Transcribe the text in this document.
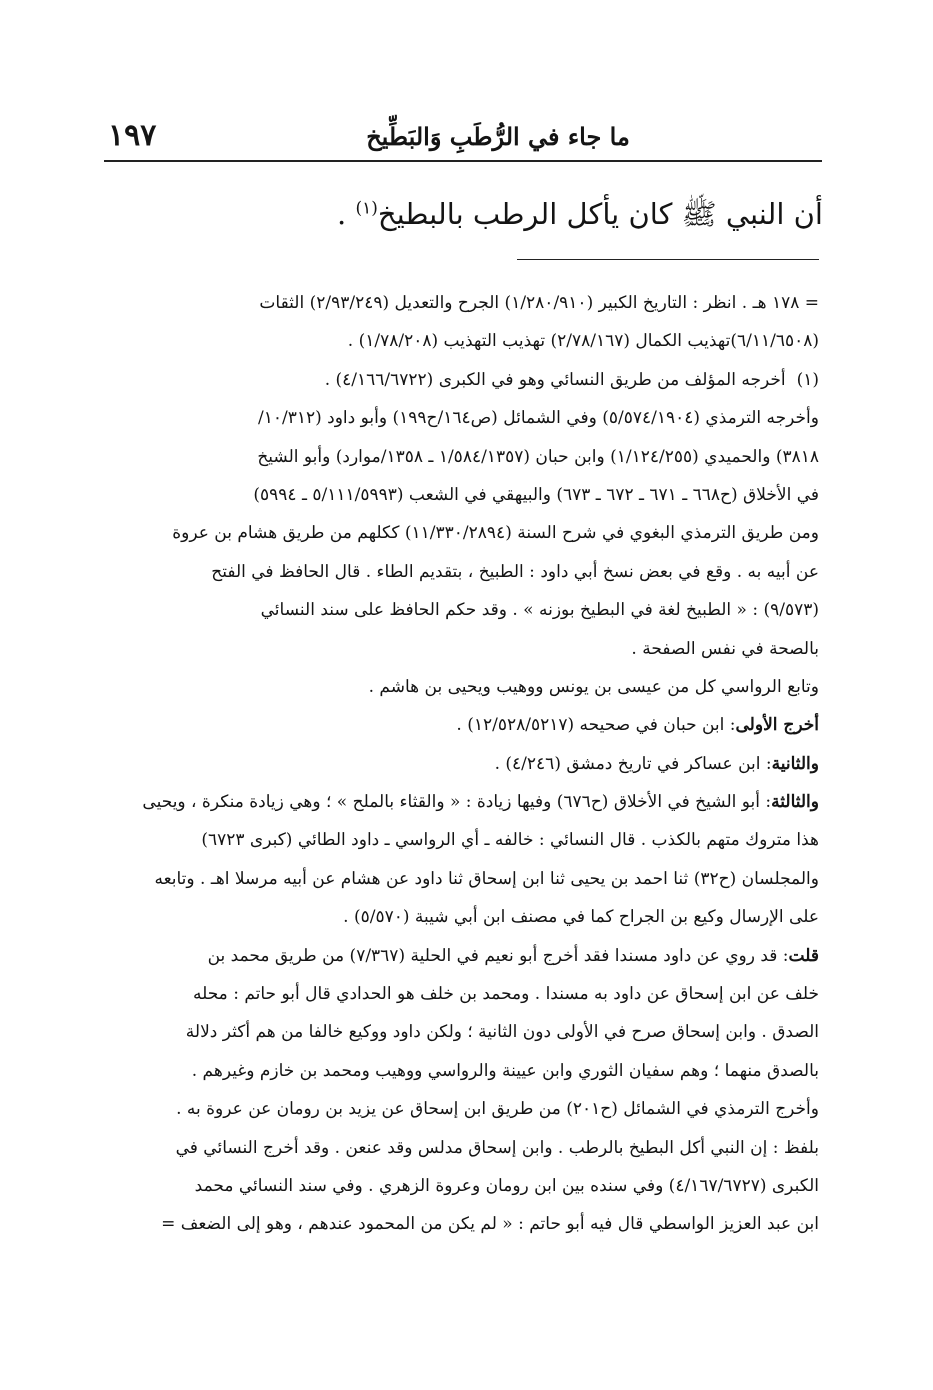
١٩٧	ما جاء في الرُّطَبِ وَالبَطِّيخ
أن النبي ﷺ كان يأكل الرطب بالبطيخ$^{(١)}$ .
= ١٧٨ هـ . انظر : التاريخ الكبير (١/٢٨٠/٩١٠) الجرح والتعديل (٢/٩٣/٢٤٩) الثقات
(٦/١١/٦٥٠٨)تهذيب الكمال (٢/٧٨/١٦٧) تهذيب التهذيب (١/٧٨/٢٠٨) .
(١)
أخرجه المؤلف من طريق النسائي وهو في الكبرى (٤/١٦٦/٦٧٢٢) .
وأخرجه الترمذي (٥/٥٧٤/١٩٠٤) وفي الشمائل (ص١٦٤/ح١٩٩) وأبو داود (١٠/٣١٢/
٣٨١٨) والحميدي (١/١٢٤/٢٥٥) وابن حبان (١/٥٨٤/١٣٥٧ ـ ١٣٥٨/موارد) وأبو الشيخ
في الأخلاق (ح٦٦٨ ـ ٦٧١ ـ ٦٧٢ ـ ٦٧٣) والبيهقي في الشعب (٥/١١١/٥٩٩٣ ـ ٥٩٩٤)
ومن طريق الترمذي البغوي في شرح السنة (١١/٣٣٠/٢٨٩٤) ككلهم من طريق هشام بن عروة
عن أبيه به . وقع في بعض نسخ أبي داود : الطبيخ ، بتقديم الطاء . قال الحافظ في الفتح
(٩/٥٧٣) : « الطبيخ لغة في البطيخ بوزنه » . وقد حكم الحافظ على سند النسائي
بالصحة في نفس الصفحة .
وتابع الرواسي كل من عيسى بن يونس ووهيب ويحيى بن هاشم .
أخرج الأولى
: ابن حبان في صحيحه (١٢/٥٢٨/٥٢١٧) .
والثانية
: ابن عساكر في تاريخ دمشق (٤/٢٤٦) .
والثالثة
: أبو الشيخ في الأخلاق (ح٦٧٦) وفيها زيادة : « والقثاء بالملح » ؛ وهي زيادة منكرة ، ويحيى
هذا متروك متهم بالكذب . قال النسائي : خالفه ـ أي الرواسي ـ داود الطائي (كبرى ٦٧٢٣)
والمجلسان (ح٣٢) ثنا احمد بن يحيى ثنا ابن إسحاق ثنا داود عن هشام عن أبيه مرسلا اهـ . وتابعه
على الإرسال وكيع بن الجراح كما في مصنف ابن أبي شيبة (٥/٥٧٠) .
قلت
: قد روي عن داود مسندا فقد أخرج أبو نعيم في الحلية (٧/٣٦٧) من طريق محمد بن
خلف عن ابن إسحاق عن داود به مسندا . ومحمد بن خلف هو الحدادي قال أبو حاتم : محله
الصدق . وابن إسحاق صرح في الأولى دون الثانية ؛ ولكن داود ووكيع خالفا من هم أكثر دلالة
بالصدق منهما ؛ وهم سفيان الثوري وابن عيينة والرواسي ووهيب ومحمد بن خازم وغيرهم .
وأخرج الترمذي في الشمائل (ح٢٠١) من طريق ابن إسحاق عن يزيد بن رومان عن عروة به .
بلفظ : إن النبي أكل البطيخ بالرطب . وابن إسحاق مدلس وقد عنعن . وقد أخرج النسائي في
الكبرى (٤/١٦٧/٦٧٢٧) وفي سنده بين ابن رومان وعروة الزهري . وفي سند النسائي محمد
ابن عبد العزيز الواسطي قال فيه أبو حاتم : « لم يكن من المحمود عندهم ، وهو إلى الضعف =
